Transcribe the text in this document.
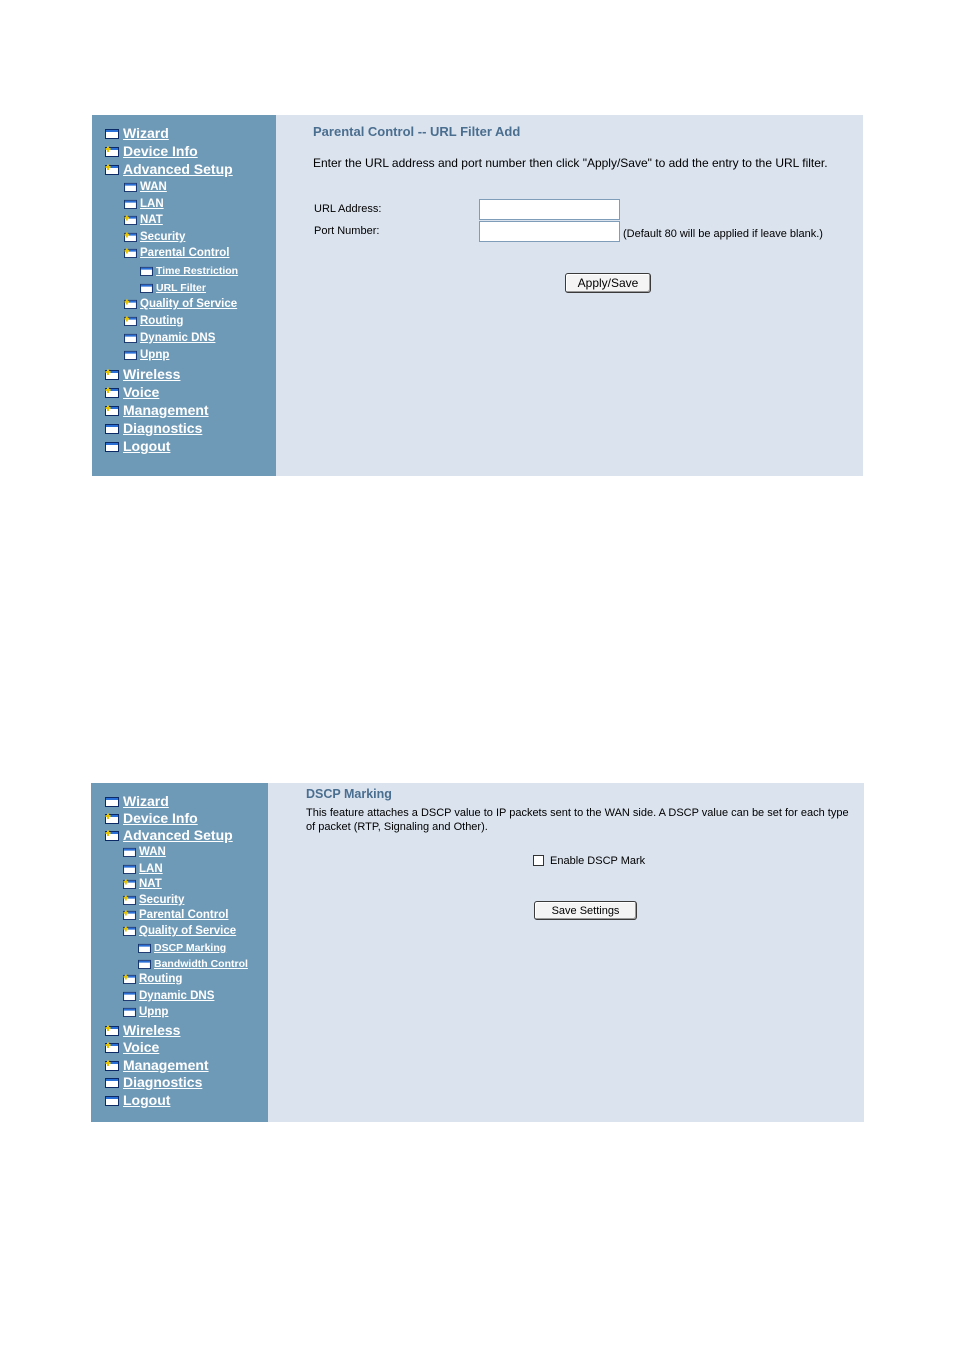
Wizard
Device Info
Advanced Setup
WAN
LAN
NAT
Security
Parental Control
Time Restriction
URL Filter
Quality of Service
Routing
Dynamic DNS
Upnp
Wireless
Voice
Management
Diagnostics
Logout
Parental Control -- URL Filter Add
Enter the URL address and port number then click "Apply/Save" to add the entry to the URL filter.
URL Address:
Port Number:	(Default 80 will be applied if leave blank.)
Apply/Save
Wizard
Device Info
Advanced Setup
WAN
LAN
NAT
Security
Parental Control
Quality of Service
DSCP Marking
Bandwidth Control
Routing
Dynamic DNS
Upnp
Wireless
Voice
Management
Diagnostics
Logout
DSCP Marking
This feature attaches a DSCP value to IP packets sent to the WAN side. A DSCP value can be set for each type of packet (RTP, Signaling and Other).
Enable DSCP Mark
Save Settings
